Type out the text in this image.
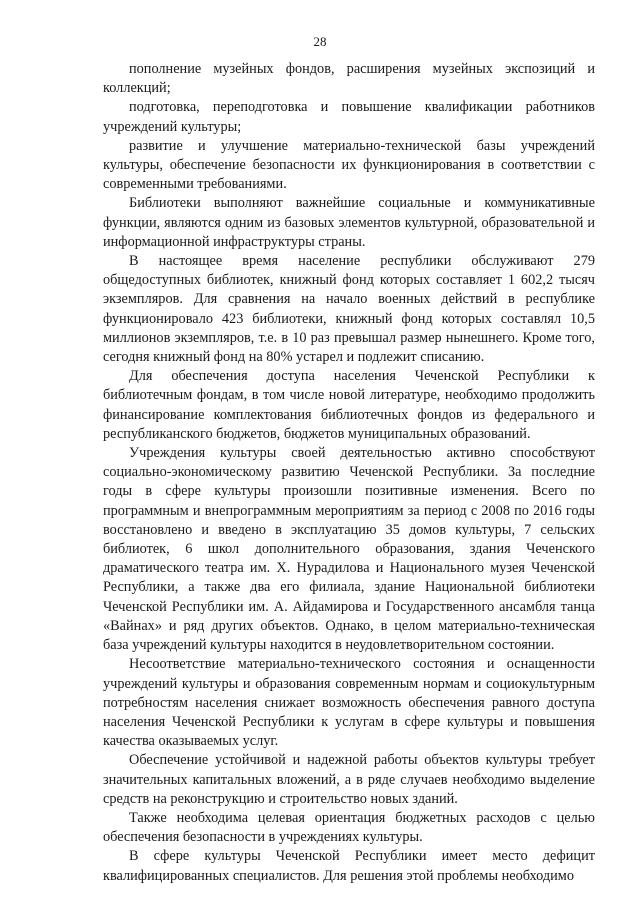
28

пополнение музейных фондов, расширения музейных экспозиций и коллекций;

подготовка, переподготовка и повышение квалификации работников учреждений культуры;

развитие и улучшение материально-технической базы учреждений культуры, обеспечение безопасности их функционирования в соответствии с современными требованиями.

Библиотеки выполняют важнейшие социальные и коммуникативные функции, являются одним из базовых элементов культурной, образовательной и информационной инфраструктуры страны.

В настоящее время население республики обслуживают 279 общедоступных библиотек, книжный фонд которых составляет 1 602,2 тысяч экземпляров. Для сравнения на начало военных действий в республике функционировало 423 библиотеки, книжный фонд которых составлял 10,5 миллионов экземпляров, т.е. в 10 раз превышал размер нынешнего. Кроме того, сегодня книжный фонд на 80% устарел и подлежит списанию.

Для обеспечения доступа населения Чеченской Республики к библиотечным фондам, в том числе новой литературе, необходимо продолжить финансирование комплектования библиотечных фондов из федерального и республиканского бюджетов, бюджетов муниципальных образований.

Учреждения культуры своей деятельностью активно способствуют социально-экономическому развитию Чеченской Республики. За последние годы в сфере культуры произошли позитивные изменения. Всего по программным и внепрограммным мероприятиям за период с 2008 по 2016 годы восстановлено и введено в эксплуатацию 35 домов культуры, 7 сельских библиотек, 6 школ дополнительного образования, здания Чеченского драматического театра им. Х. Нурадилова и Национального музея Чеченской Республики, а также два его филиала, здание Национальной библиотеки Чеченской Республики им. А. Айдамирова и Государственного ансамбля танца «Вайнах» и ряд других объектов. Однако, в целом материально-техническая база учреждений культуры находится в неудовлетворительном состоянии.

Несоответствие материально-технического состояния и оснащенности учреждений культуры и образования современным нормам и социокультурным потребностям населения снижает возможность обеспечения равного доступа населения Чеченской Республики к услугам в сфере культуры и повышения качества оказываемых услуг.

Обеспечение устойчивой и надежной работы объектов культуры требует значительных капитальных вложений, а в ряде случаев необходимо выделение средств на реконструкцию и строительство новых зданий.

Также необходима целевая ориентация бюджетных расходов с целью обеспечения безопасности в учреждениях культуры.

В сфере культуры Чеченской Республики имеет место дефицит квалифицированных специалистов. Для решения этой проблемы необходимо
